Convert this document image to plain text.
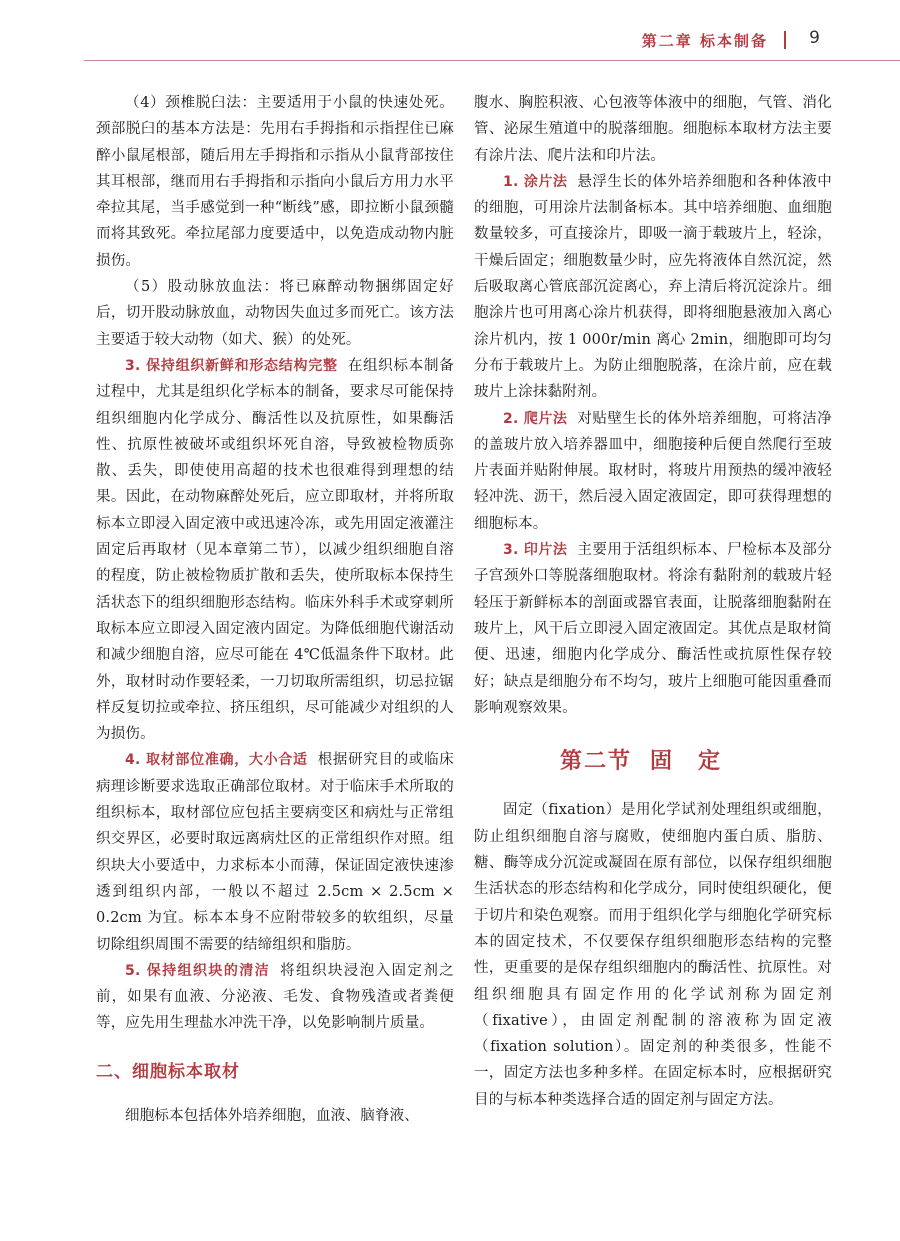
第二章 标本制备 9

（4）颈椎脱臼法：主要适用于小鼠的快速处死。颈部脱臼的基本方法是：先用右手拇指和示指捏住已麻醉小鼠尾根部，随后用左手拇指和示指从小鼠背部按住其耳根部，继而用右手拇指和示指向小鼠后方用力水平牵拉其尾，当手感觉到一种“断线”感，即拉断小鼠颈髓而将其致死。牵拉尾部力度要适中，以免造成动物内脏损伤。

（5）股动脉放血法：将已麻醉动物捆绑固定好后，切开股动脉放血，动物因失血过多而死亡。该方法主要适于较大动物（如犬、猴）的处死。

3. 保持组织新鲜和形态结构完整 在组织标本制备过程中，尤其是组织化学标本的制备，要求尽可能保持组织细胞内化学成分、酶活性以及抗原性，如果酶活性、抗原性被破坏或组织坏死自溶，导致被检物质弥散、丢失，即使使用高超的技术也很难得到理想的结果。因此，在动物麻醉处死后，应立即取材，并将所取标本立即浸入固定液中或迅速冷冻，或先用固定液灌注固定后再取材（见本章第二节），以减少组织细胞自溶的程度，防止被检物质扩散和丢失，使所取标本保持生活状态下的组织细胞形态结构。临床外科手术或穿刺所取标本应立即浸入固定液内固定。为降低细胞代谢活动和减少细胞自溶，应尽可能在 4℃低温条件下取材。此外，取材时动作要轻柔，一刀切取所需组织，切忌拉锯样反复切拉或牵拉、挤压组织，尽可能减少对组织的人为损伤。

4. 取材部位准确，大小合适 根据研究目的或临床病理诊断要求选取正确部位取材。对于临床手术所取的组织标本，取材部位应包括主要病变区和病灶与正常组织交界区，必要时取远离病灶区的正常组织作对照。组织块大小要适中，力求标本小而薄，保证固定液快速渗透到组织内部，一般以不超过 2.5cm × 2.5cm × 0.2cm 为宜。标本本身不应附带较多的软组织，尽量切除组织周围不需要的结缔组织和脂肪。

5. 保持组织块的清洁 将组织块浸泡入固定剂之前，如果有血液、分泌液、毛发、食物残渣或者粪便等，应先用生理盐水冲洗干净，以免影响制片质量。

二、细胞标本取材

细胞标本包括体外培养细胞，血液、脑脊液、

腹水、胸腔积液、心包液等体液中的细胞，气管、消化管、泌尿生殖道中的脱落细胞。细胞标本取材方法主要有涂片法、爬片法和印片法。

1. 涂片法 悬浮生长的体外培养细胞和各种体液中的细胞，可用涂片法制备标本。其中培养细胞、血细胞数量较多，可直接涂片，即吸一滴于载玻片上，轻涂，干燥后固定；细胞数量少时，应先将液体自然沉淀，然后吸取离心管底部沉淀离心，弃上清后将沉淀涂片。细胞涂片也可用离心涂片机获得，即将细胞悬液加入离心涂片机内，按 1 000r/min 离心 2min，细胞即可均匀分布于载玻片上。为防止细胞脱落，在涂片前，应在载玻片上涂抹黏附剂。

2. 爬片法 对贴壁生长的体外培养细胞，可将洁净的盖玻片放入培养器皿中，细胞接种后便自然爬行至玻片表面并贴附伸展。取材时，将玻片用预热的缓冲液轻轻冲洗、沥干，然后浸入固定液固定，即可获得理想的细胞标本。

3. 印片法 主要用于活组织标本、尸检标本及部分子宫颈外口等脱落细胞取材。将涂有黏附剂的载玻片轻轻压于新鲜标本的剖面或器官表面，让脱落细胞黏附在玻片上，风干后立即浸入固定液固定。其优点是取材简便、迅速，细胞内化学成分、酶活性或抗原性保存较好；缺点是细胞分布不均匀，玻片上细胞可能因重叠而影响观察效果。

第二节 固定

固定（fixation）是用化学试剂处理组织或细胞，防止组织细胞自溶与腐败，使细胞内蛋白质、脂肪、糖、酶等成分沉淀或凝固在原有部位，以保存组织细胞生活状态的形态结构和化学成分，同时使组织硬化，便于切片和染色观察。而用于组织化学与细胞化学研究标本的固定技术，不仅要保存组织细胞形态结构的完整性，更重要的是保存组织细胞内的酶活性、抗原性。对组织细胞具有固定作用的化学试剂称为固定剂（fixative），由固定剂配制的溶液称为固定液（fixation solution）。固定剂的种类很多，性能不一，固定方法也多种多样。在固定标本时，应根据研究目的与标本种类选择合适的固定剂与固定方法。
